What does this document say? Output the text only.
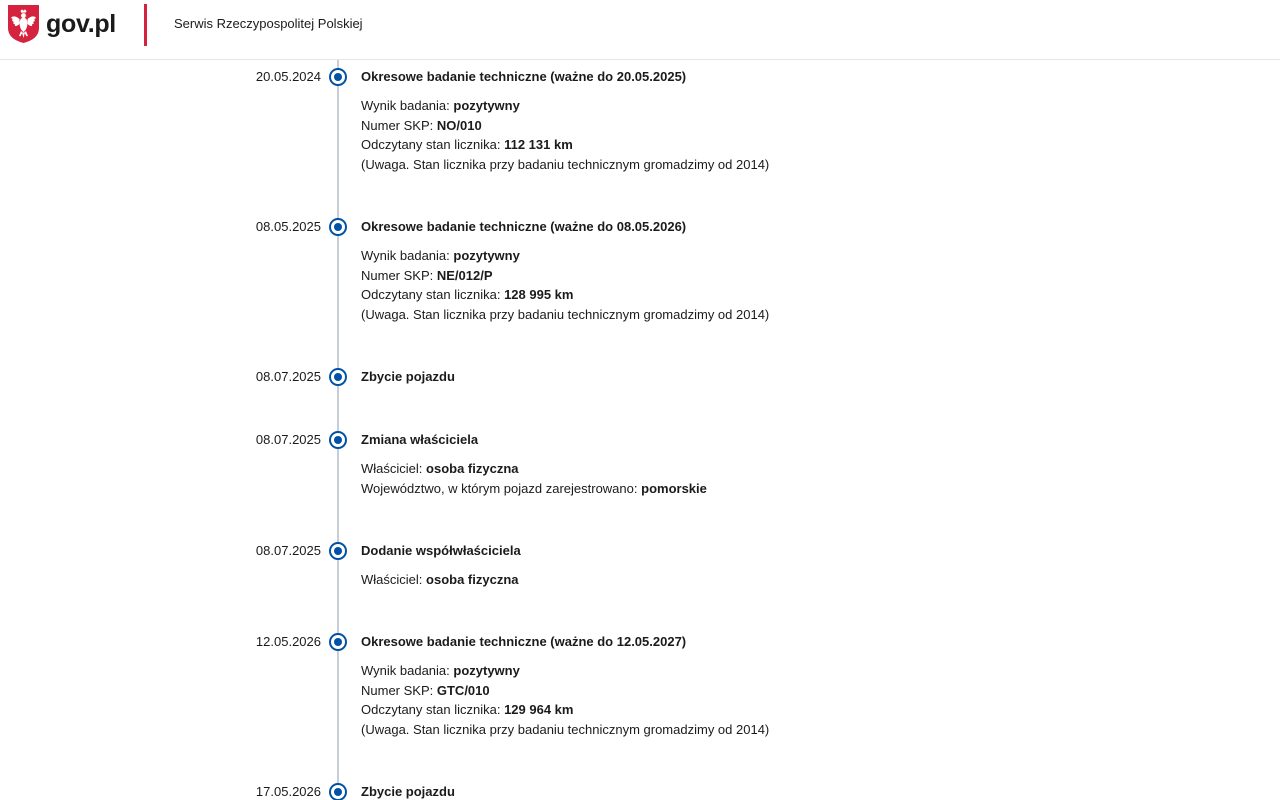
gov.pl	Serwis Rzeczypospolitej Polskiej
20.05.2024	Okresowe badanie techniczne (ważne do 20.05.2025)
Wynik badania: pozytywny
Numer SKP: NO/010
Odczytany stan licznika: 112 131 km
(Uwaga. Stan licznika przy badaniu technicznym gromadzimy od 2014)
08.05.2025	Okresowe badanie techniczne (ważne do 08.05.2026)
Wynik badania: pozytywny
Numer SKP: NE/012/P
Odczytany stan licznika: 128 995 km
(Uwaga. Stan licznika przy badaniu technicznym gromadzimy od 2014)
08.07.2025	Zbycie pojazdu
08.07.2025	Zmiana właściciela
Właściciel: osoba fizyczna
Województwo, w którym pojazd zarejestrowano: pomorskie
08.07.2025	Dodanie współwłaściciela
Właściciel: osoba fizyczna
12.05.2026	Okresowe badanie techniczne (ważne do 12.05.2027)
Wynik badania: pozytywny
Numer SKP: GTC/010
Odczytany stan licznika: 129 964 km
(Uwaga. Stan licznika przy badaniu technicznym gromadzimy od 2014)
17.05.2026	Zbycie pojazdu
